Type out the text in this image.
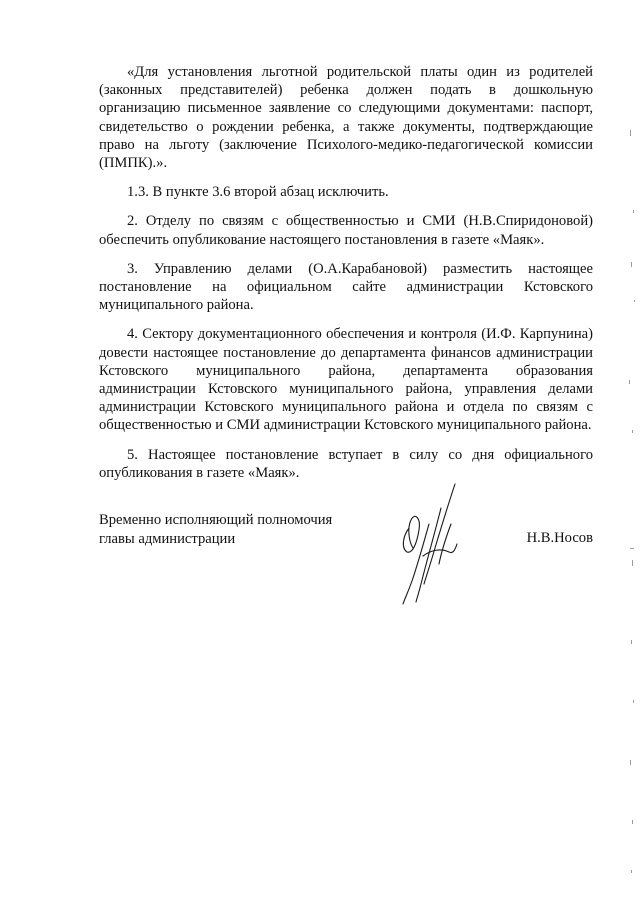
«Для установления льготной родительской платы один из родителей (законных представителей) ребенка должен подать в дошкольную организацию письменное заявление со следующими документами: паспорт, свидетельство о рождении ребенка, а также документы, подтверждающие право на льготу (заключение Психолого-медико-педагогической комиссии (ПМПК).».

1.3. В пункте 3.6 второй абзац исключить.

2. Отделу по связям с общественностью и СМИ (Н.В.Спиридоновой) обеспечить опубликование настоящего постановления в газете «Маяк».

3. Управлению делами (О.А.Карабановой) разместить настоящее постановление на официальном сайте администрации Кстовского муниципального района.

4. Сектору документационного обеспечения и контроля (И.Ф. Карпунина) довести настоящее постановление до департамента финансов администрации Кстовского муниципального района, департамента образования администрации Кстовского муниципального района, управления делами администрации Кстовского муниципального района и отдела по связям с общественностью и СМИ администрации Кстовского муниципального района.

5. Настоящее постановление вступает в силу со дня официального опубликования в газете «Маяк».

Временно исполняющий полномочия
главы администрации	Н.В.Носов
